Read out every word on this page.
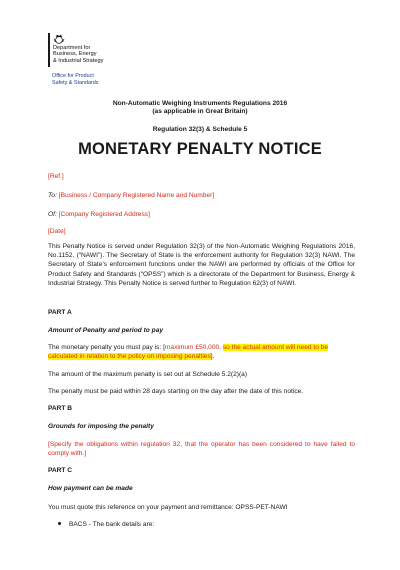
Department for
Business, Energy
& Industrial Strategy
Office for Product
Safety & Standards
Non-Automatic Weighing Instruments Regulations 2016
(as applicable in Great Britain)
Regulation 32(3) & Schedule 5
MONETARY PENALTY NOTICE
[Ref.]
To: [Business / Company Registered Name and Number]
Of: [Company Registered Address]
[Date]
This Penalty Notice is served under Regulation 32(3) of the Non-Automatic Weighing Regulations 2016, No.1152, (“NAWI”). The Secretary of State is the enforcement authority for Regulation 32(3) NAWI. The Secretary of State’s enforcement functions under the NAWI are performed by officials of the Office for Product Safety and Standards (“OPSS”) which is a directorate of the Department for Business, Energy & Industrial Strategy. This Penalty Notice is served further to Regulation 62(3) of NAWI.
PART A
Amount of Penalty and period to pay
The monetary penalty you must pay is: [maximum £50,000, so the actual amount will need to be calculated in relation to the policy on imposing penalties].
The amount of the maximum penalty is set out at Schedule 5.2(2)(a)
The penalty must be paid within 28 days starting on the day after the date of this notice.
PART B
Grounds for imposing the penalty
[Specify the obligations within regulation 32, that the operator has been considered to have failed to comply with.]
PART C
How payment can be made
You must quote this reference on your payment and remittance: OPSS-PET-NAWI
BACS - The bank details are:
